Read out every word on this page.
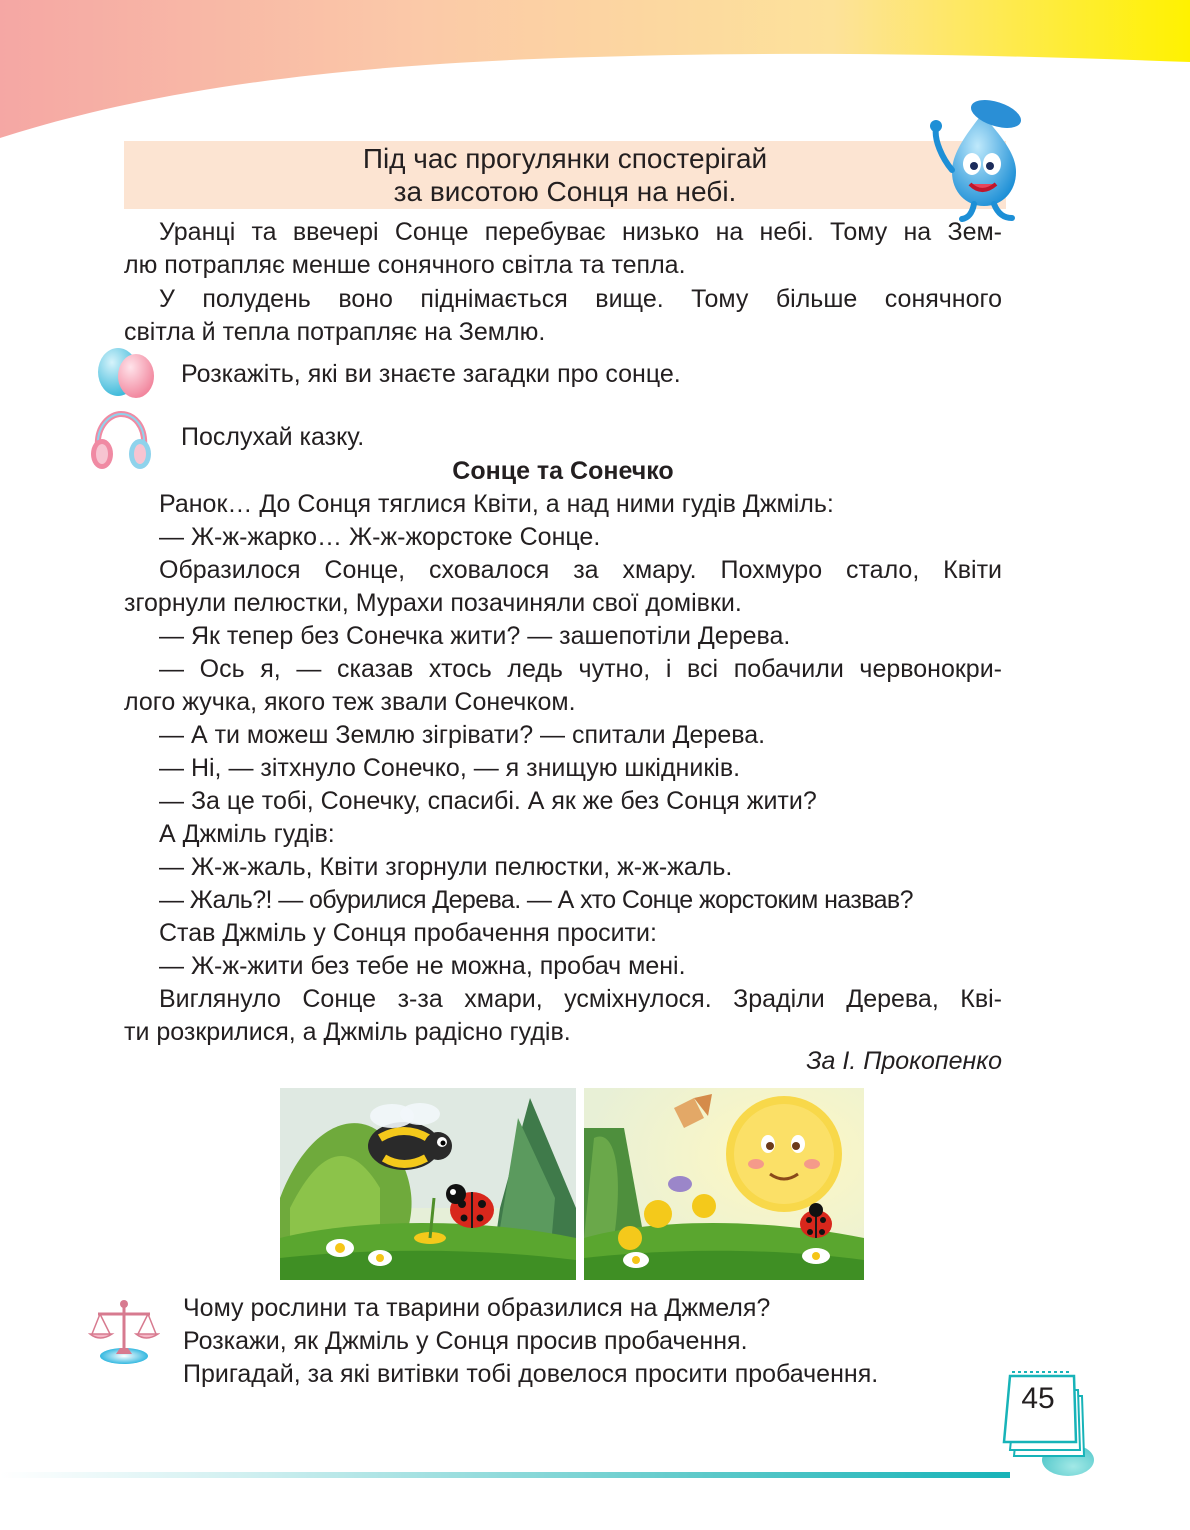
Під час прогулянки спостерігай
за висотою Сонця на небі.
Уранці та ввечері Сонце перебуває низько на небі. Тому на Зем-
лю потрапляє менше сонячного світла та тепла.
У полудень воно піднімається вище. Тому більше сонячного
світла й тепла потрапляє на Землю.
Розкажіть, які ви знаєте загадки про сонце.
Послухай казку.
Сонце та Сонечко
Ранок… До Сонця тяглися Квіти, а над ними гудів Джміль:
— Ж-ж-жарко… Ж-ж-жорстоке Сонце.
Образилося Сонце, сховалося за хмару. Похмуро стало, Квіти
згорнули пелюстки, Мурахи позачиняли свої домівки.
— Як тепер без Сонечка жити? — зашепотіли Дерева.
— Ось я, — сказав хтось ледь чутно, і всі побачили червонокри-
лого жучка, якого теж звали Сонечком.
— А ти можеш Землю зігрівати? — спитали Дерева.
— Ні, — зітхнуло Сонечко, — я знищую шкідників.
— За це тобі, Сонечку, спасибі. А як же без Сонця жити?
А Джміль гудів:
— Ж-ж-жаль, Квіти згорнули пелюстки, ж-ж-жаль.
— Жаль?! — обурилися Дерева. — А хто Сонце жорстоким назвав?
Став Джміль у Сонця пробачення просити:
— Ж-ж-жити без тебе не можна, пробач мені.
Виглянуло Сонце з-за хмари, усміхнулося. Зраділи Дерева, Кві-
ти розкрилися, а Джміль радісно гудів.
За І. Прокопенко
Чому рослини та тварини образилися на Джмеля?
Розкажи, як Джміль у Сонця просив пробачення.
Пригадай, за які витівки тобі довелося просити пробачення.
45
